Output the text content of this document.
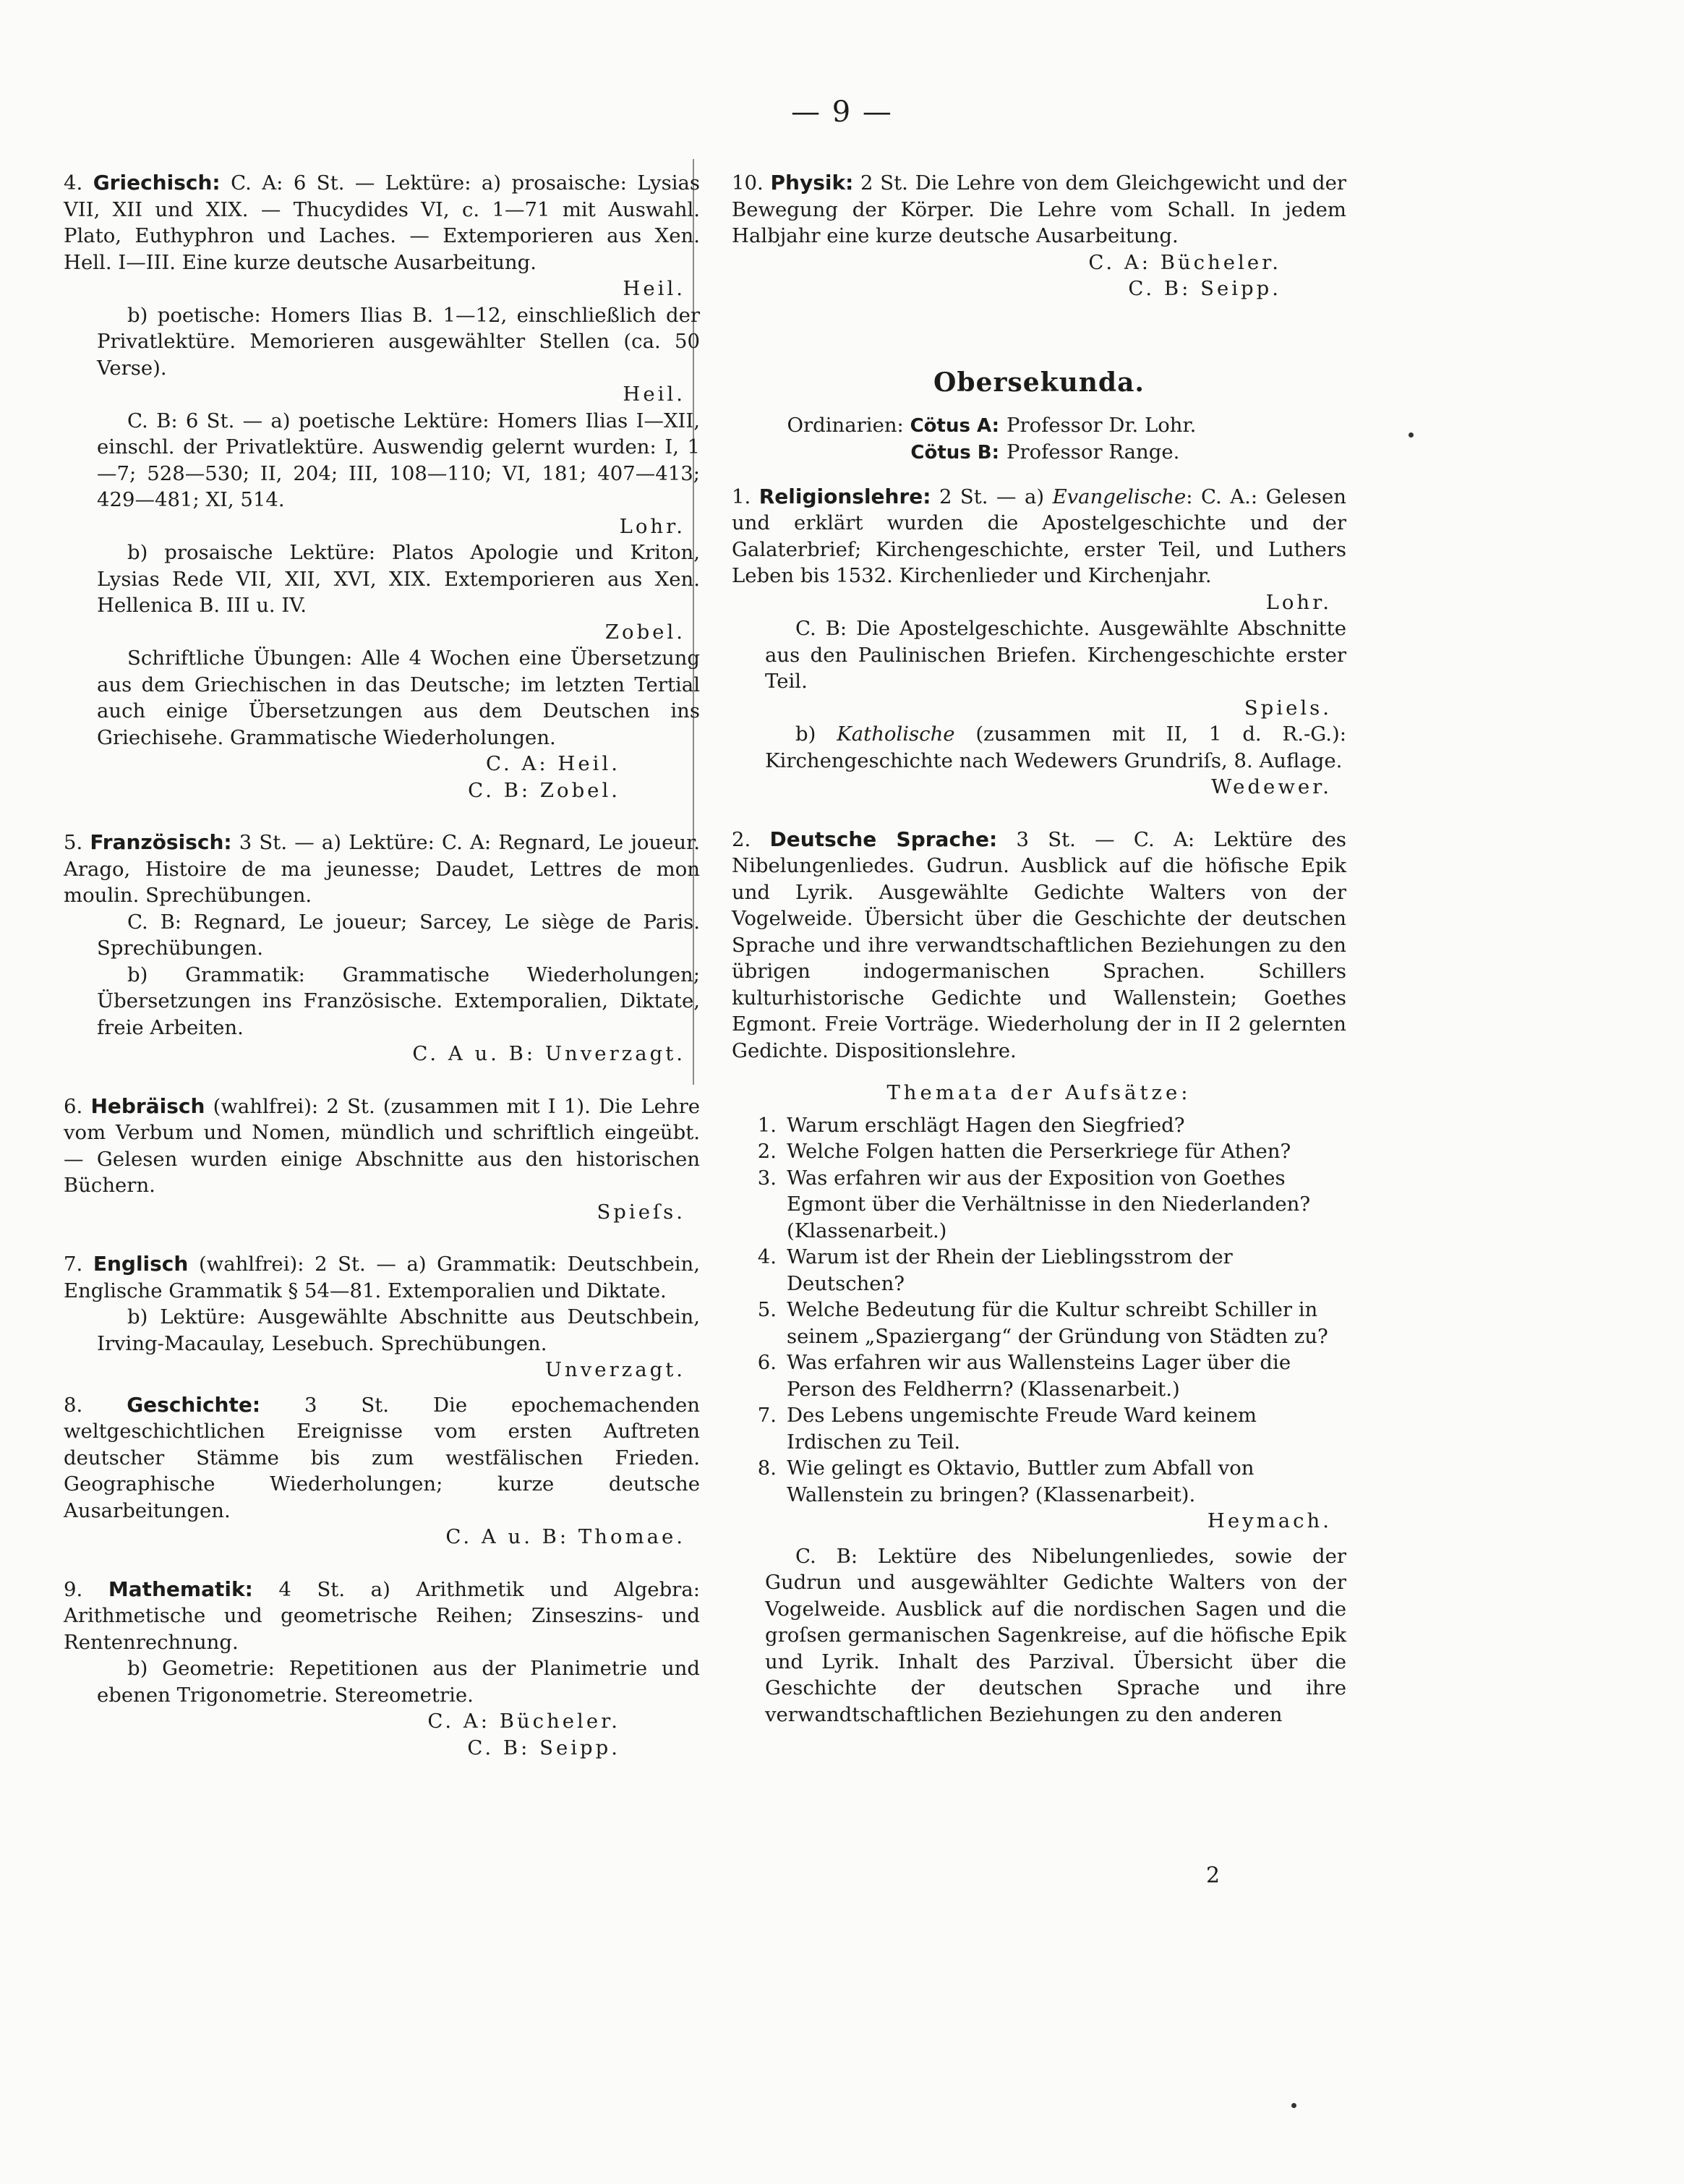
— 9 —

4. Griechisch: C. A: 6 St. — Lektüre: a) prosaische: Lysias VII, XII und XIX. — Thucydides VI, c. 1—71 mit Auswahl. Plato, Euthyphron und Laches. — Extemporieren aus Xen. Hell. I—III. Eine kurze deutsche Ausarbeitung.

Heil.

b) poetische: Homers Ilias B. 1—12, einschließlich der Privatlektüre. Memorieren ausgewählter Stellen (ca. 50 Verse).

Heil.

C. B: 6 St. — a) poetische Lektüre: Homers Ilias I—XII, einschl. der Privatlektüre. Auswendig gelernt wurden: I, 1—7; 528—530; II, 204; III, 108—110; VI, 181; 407—413; 429—481; XI, 514.

Lohr.

b) prosaische Lektüre: Platos Apologie und Kriton, Lysias Rede VII, XII, XVI, XIX. Extemporieren aus Xen. Hellenica B. III u. IV.

Zobel.

Schriftliche Übungen: Alle 4 Wochen eine Übersetzung aus dem Griechischen in das Deutsche; im letzten Tertial auch einige Übersetzungen aus dem Deutschen ins Griechisehe. Grammatische Wiederholungen.

C. A: Heil.

C. B: Zobel.

5. Französisch: 3 St. — a) Lektüre: C. A: Regnard, Le joueur. Arago, Histoire de ma jeunesse; Daudet, Lettres de mon moulin. Sprechübungen.

C. B: Regnard, Le joueur; Sarcey, Le siège de Paris. Sprechübungen.

b) Grammatik: Grammatische Wiederholungen; Übersetzungen ins Französische. Extemporalien, Diktate, freie Arbeiten.

C. A u. B: Unverzagt.

6. Hebräisch (wahlfrei): 2 St. (zusammen mit I 1). Die Lehre vom Verbum und Nomen, mündlich und schriftlich eingeübt. — Gelesen wurden einige Abschnitte aus den historischen Büchern.

Spieſs.

7. Englisch (wahlfrei): 2 St. — a) Grammatik: Deutschbein, Englische Grammatik § 54—81. Extemporalien und Diktate.

b) Lektüre: Ausgewählte Abschnitte aus Deutschbein, Irving-Macaulay, Lesebuch. Sprechübungen.

Unverzagt.

8. Geschichte: 3 St. Die epochemachenden weltgeschichtlichen Ereignisse vom ersten Auftreten deutscher Stämme bis zum westfälischen Frieden. Geographische Wiederholungen; kurze deutsche Ausarbeitungen.

C. A u. B: Thomae.

9. Mathematik: 4 St. a) Arithmetik und Algebra: Arithmetische und geometrische Reihen; Zinseszins- und Rentenrechnung.

b) Geometrie: Repetitionen aus der Planimetrie und ebenen Trigonometrie. Stereometrie.

C. A: Bücheler.

C. B: Seipp.

10. Physik: 2 St. Die Lehre von dem Gleichgewicht und der Bewegung der Körper. Die Lehre vom Schall. In jedem Halbjahr eine kurze deutsche Ausarbeitung.

C. A: Bücheler.

C. B: Seipp.

Obersekunda.
Ordinarien: Cötus A: Professor Dr. Lohr.
Cötus B: Professor Range.

1. Religionslehre: 2 St. — a) Evangelische: C. A.: Gelesen und erklärt wurden die Apostelgeschichte und der Galaterbrief; Kirchengeschichte, erster Teil, und Luthers Leben bis 1532. Kirchenlieder und Kirchenjahr.

Lohr.

C. B: Die Apostelgeschichte. Ausgewählte Abschnitte aus den Paulinischen Briefen. Kirchengeschichte erster Teil.

Spiels.

b) Katholische (zusammen mit II, 1 d. R.-G.): Kirchengeschichte nach Wedewers Grundriſs, 8. Auflage.

Wedewer.

2. Deutsche Sprache: 3 St. — C. A: Lektüre des Nibelungenliedes. Gudrun. Ausblick auf die höfische Epik und Lyrik. Ausgewählte Gedichte Walters von der Vogelweide. Übersicht über die Geschichte der deutschen Sprache und ihre verwandtschaftlichen Beziehungen zu den übrigen indogermanischen Sprachen. Schillers kulturhistorische Gedichte und Wallenstein; Goethes Egmont. Freie Vorträge. Wiederholung der in II 2 gelernten Gedichte. Dispositionslehre.

Themata der Aufsätze:
1. Warum erschlägt Hagen den Siegfried?
2. Welche Folgen hatten die Perserkriege für Athen?
3. Was erfahren wir aus der Exposition von Goethes Egmont über die Verhältnisse in den Niederlanden? (Klassenarbeit.)
4. Warum ist der Rhein der Lieblingsstrom der Deutschen?
5. Welche Bedeutung für die Kultur schreibt Schiller in seinem „Spaziergang“ der Gründung von Städten zu?
6. Was erfahren wir aus Wallensteins Lager über die Person des Feldherrn? (Klassenarbeit.)
7. Des Lebens ungemischte Freude Ward keinem Irdischen zu Teil.
8. Wie gelingt es Oktavio, Buttler zum Abfall von Wallenstein zu bringen? (Klassenarbeit).

Heymach.

C. B: Lektüre des Nibelungenliedes, sowie der Gudrun und ausgewählter Gedichte Walters von der Vogelweide. Ausblick auf die nordischen Sagen und die groſsen germanischen Sagenkreise, auf die höfische Epik und Lyrik. Inhalt des Parzival. Übersicht über die Geschichte der deutschen Sprache und ihre verwandtschaftlichen Beziehungen zu den anderen

2
